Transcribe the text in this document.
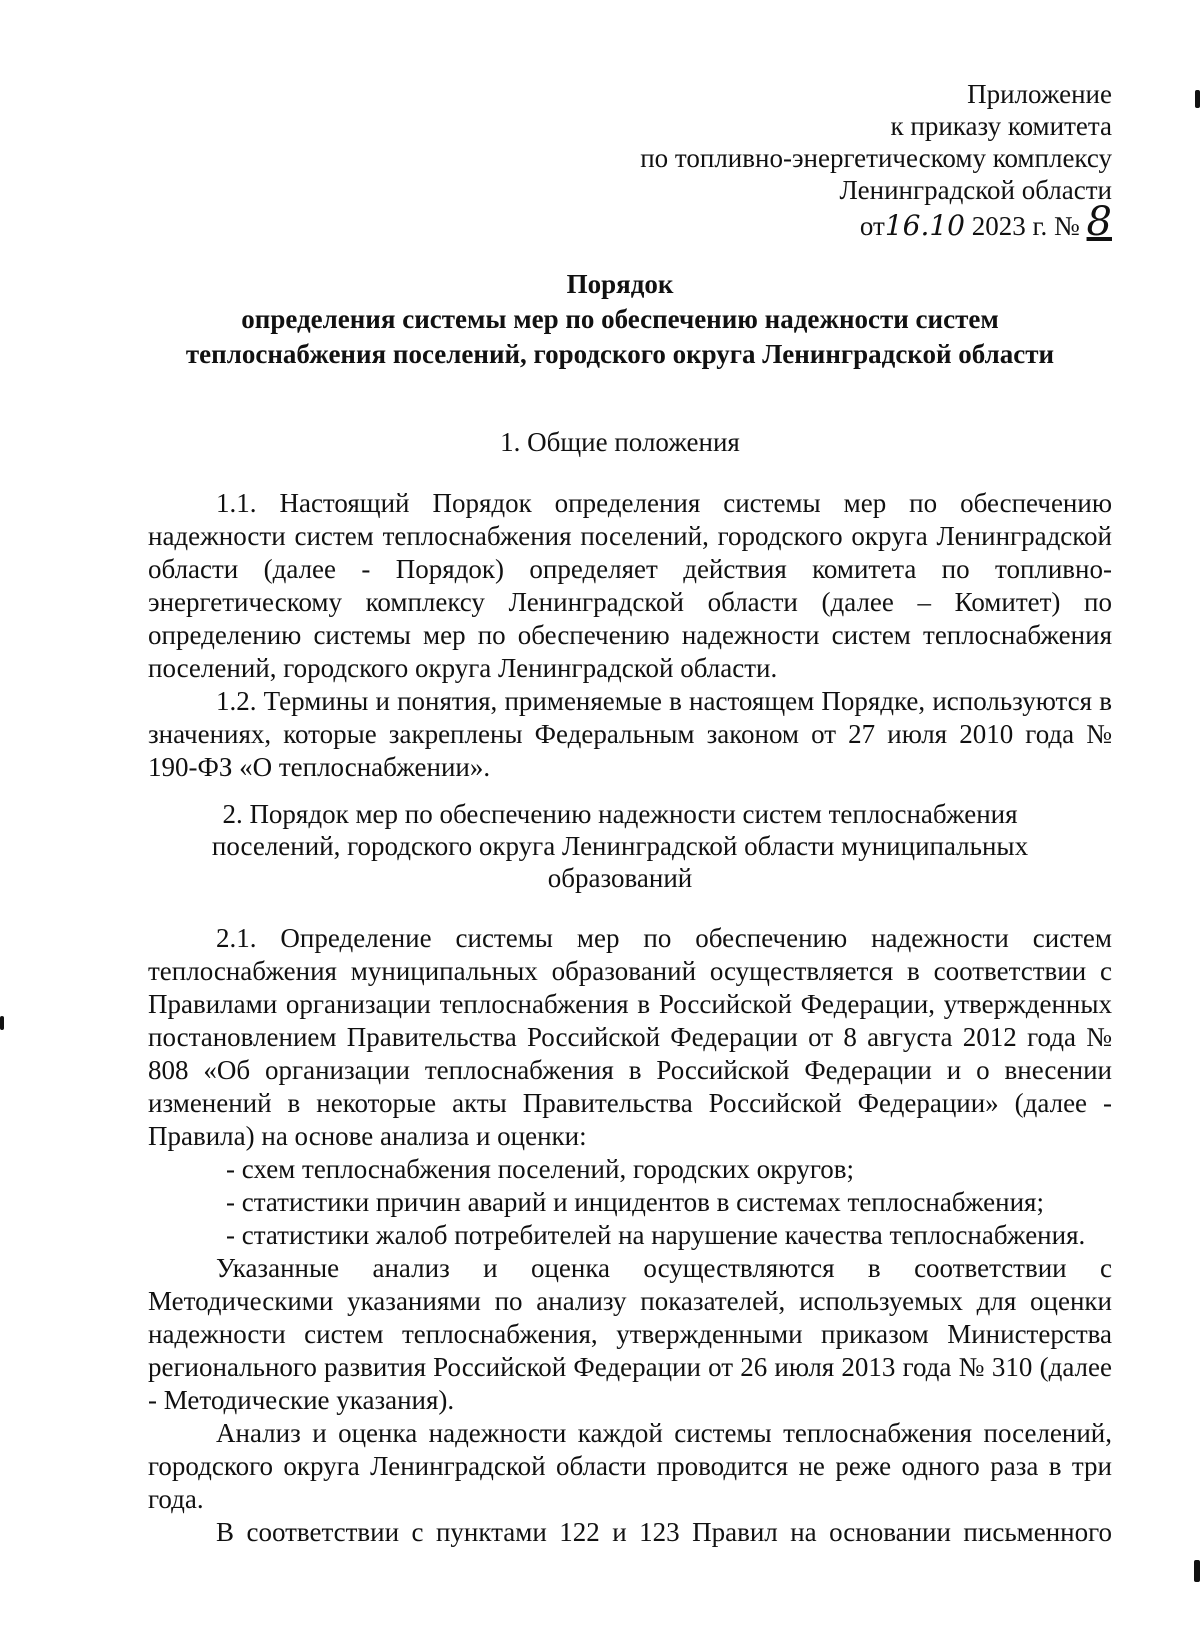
Приложение
к приказу комитета
по топливно-энергетическому комплексу
Ленинградской области
от16.10 2023 г. № 8
Порядок
определения системы мер по обеспечению надежности систем
теплоснабжения поселений, городского округа Ленинградской области
1. Общие положения

1.1. Настоящий Порядок определения системы мер по обеспечению надежности систем теплоснабжения поселений, городского округа Ленинградской области (далее - Порядок) определяет действия комитета по топливно-энергетическому комплексу Ленинградской области (далее – Комитет) по определению системы мер по обеспечению надежности систем теплоснабжения поселений, городского округа Ленинградской области.

1.2. Термины и понятия, применяемые в настоящем Порядке, используются в значениях, которые закреплены Федеральным законом от 27 июля 2010 года № 190-ФЗ «О теплоснабжении».

2. Порядок мер по обеспечению надежности систем теплоснабжения
поселений, городского округа Ленинградской области муниципальных
образований

2.1. Определение системы мер по обеспечению надежности систем теплоснабжения муниципальных образований осуществляется в соответствии с Правилами организации теплоснабжения в Российской Федерации, утвержденных постановлением Правительства Российской Федерации от 8 августа 2012 года № 808 «Об организации теплоснабжения в Российской Федерации и о внесении изменений в некоторые акты Правительства Российской Федерации» (далее - Правила) на основе анализа и оценки:

- схем теплоснабжения поселений, городских округов;

- статистики причин аварий и инцидентов в системах теплоснабжения;

- статистики жалоб потребителей на нарушение качества теплоснабжения.

Указанные анализ и оценка осуществляются в соответствии с Методическими указаниями по анализу показателей, используемых для оценки надежности систем теплоснабжения, утвержденными приказом Министерства регионального развития Российской Федерации от 26 июля 2013 года № 310 (далее - Методические указания).

Анализ и оценка надежности каждой системы теплоснабжения поселений, городского округа Ленинградской области проводится не реже одного раза в три года.

В соответствии с пунктами 122 и 123 Правил на основании письменного
